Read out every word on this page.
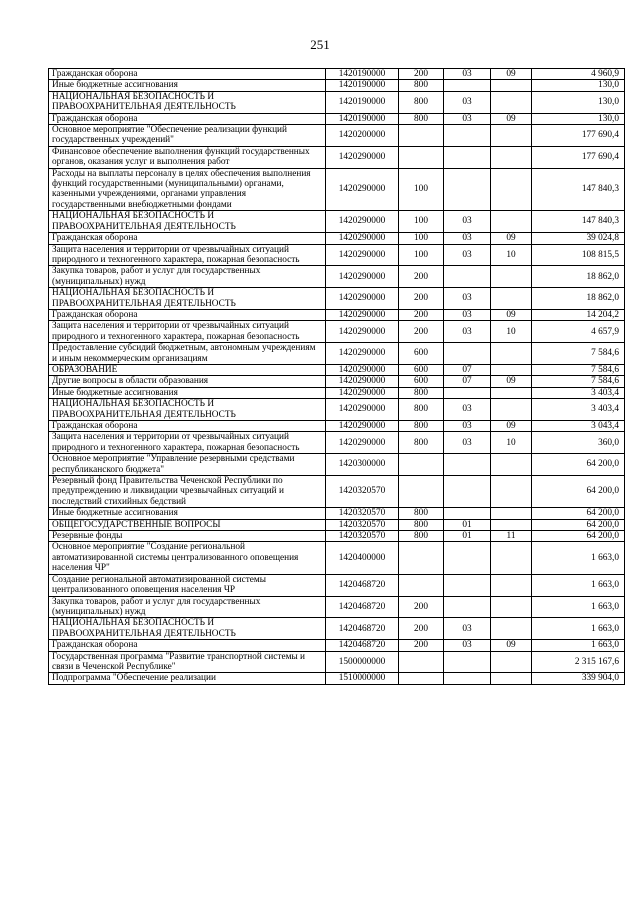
251
Гражданская оборона	1420190000	200	03	09	4 960,9
Иные бюджетные ассигнования	1420190000	800			130,0
НАЦИОНАЛЬНАЯ БЕЗОПАСНОСТЬ И ПРАВООХРАНИТЕЛЬНАЯ ДЕЯТЕЛЬНОСТЬ	1420190000	800	03		130,0
Гражданская оборона	1420190000	800	03	09	130,0
Основное мероприятие "Обеспечение реализации функций государственных учреждений"	1420200000				177 690,4
Финансовое обеспечение выполнения функций государственных органов, оказания услуг и выполнения работ	1420290000				177 690,4
Расходы на выплаты персоналу в целях обеспечения выполнения функций государственными (муниципальными) органами, казенными учреждениями, органами управления государственными внебюджетными фондами	1420290000	100			147 840,3
НАЦИОНАЛЬНАЯ БЕЗОПАСНОСТЬ И ПРАВООХРАНИТЕЛЬНАЯ ДЕЯТЕЛЬНОСТЬ	1420290000	100	03		147 840,3
Гражданская оборона	1420290000	100	03	09	39 024,8
Защита населения и территории от чрезвычайных ситуаций природного и техногенного характера, пожарная безопасность	1420290000	100	03	10	108 815,5
Закупка товаров, работ и услуг для государственных (муниципальных) нужд	1420290000	200			18 862,0
НАЦИОНАЛЬНАЯ БЕЗОПАСНОСТЬ И ПРАВООХРАНИТЕЛЬНАЯ ДЕЯТЕЛЬНОСТЬ	1420290000	200	03		18 862,0
Гражданская оборона	1420290000	200	03	09	14 204,2
Защита населения и территории от чрезвычайных ситуаций природного и техногенного характера, пожарная безопасность	1420290000	200	03	10	4 657,9
Предоставление субсидий бюджетным, автономным учреждениям и иным некоммерческим организациям	1420290000	600			7 584,6
ОБРАЗОВАНИЕ	1420290000	600	07		7 584,6
Другие вопросы в области образования	1420290000	600	07	09	7 584,6
Иные бюджетные ассигнования	1420290000	800			3 403,4
НАЦИОНАЛЬНАЯ БЕЗОПАСНОСТЬ И ПРАВООХРАНИТЕЛЬНАЯ ДЕЯТЕЛЬНОСТЬ	1420290000	800	03		3 403,4
Гражданская оборона	1420290000	800	03	09	3 043,4
Защита населения и территории от чрезвычайных ситуаций природного и техногенного характера, пожарная безопасность	1420290000	800	03	10	360,0
Основное мероприятие "Управление резервными средствами республиканского бюджета"	1420300000				64 200,0
Резервный фонд Правительства Чеченской Республики по предупреждению и ликвидации чрезвычайных ситуаций и последствий стихийных бедствий	1420320570				64 200,0
Иные бюджетные ассигнования	1420320570	800			64 200,0
ОБЩЕГОСУДАРСТВЕННЫЕ ВОПРОСЫ	1420320570	800	01		64 200,0
Резервные фонды	1420320570	800	01	11	64 200,0
Основное мероприятие "Создание региональной автоматизированной системы централизованного оповещения населения ЧР"	1420400000				1 663,0
Создание региональной автоматизированной системы централизованного оповещения населения ЧР	1420468720				1 663,0
Закупка товаров, работ и услуг для государственных (муниципальных) нужд	1420468720	200			1 663,0
НАЦИОНАЛЬНАЯ БЕЗОПАСНОСТЬ И ПРАВООХРАНИТЕЛЬНАЯ ДЕЯТЕЛЬНОСТЬ	1420468720	200	03		1 663,0
Гражданская оборона	1420468720	200	03	09	1 663,0
Государственная программа "Развитие транспортной системы и связи в Чеченской Республике"	1500000000				2 315 167,6
Подпрограмма "Обеспечение реализации	1510000000				339 904,0
